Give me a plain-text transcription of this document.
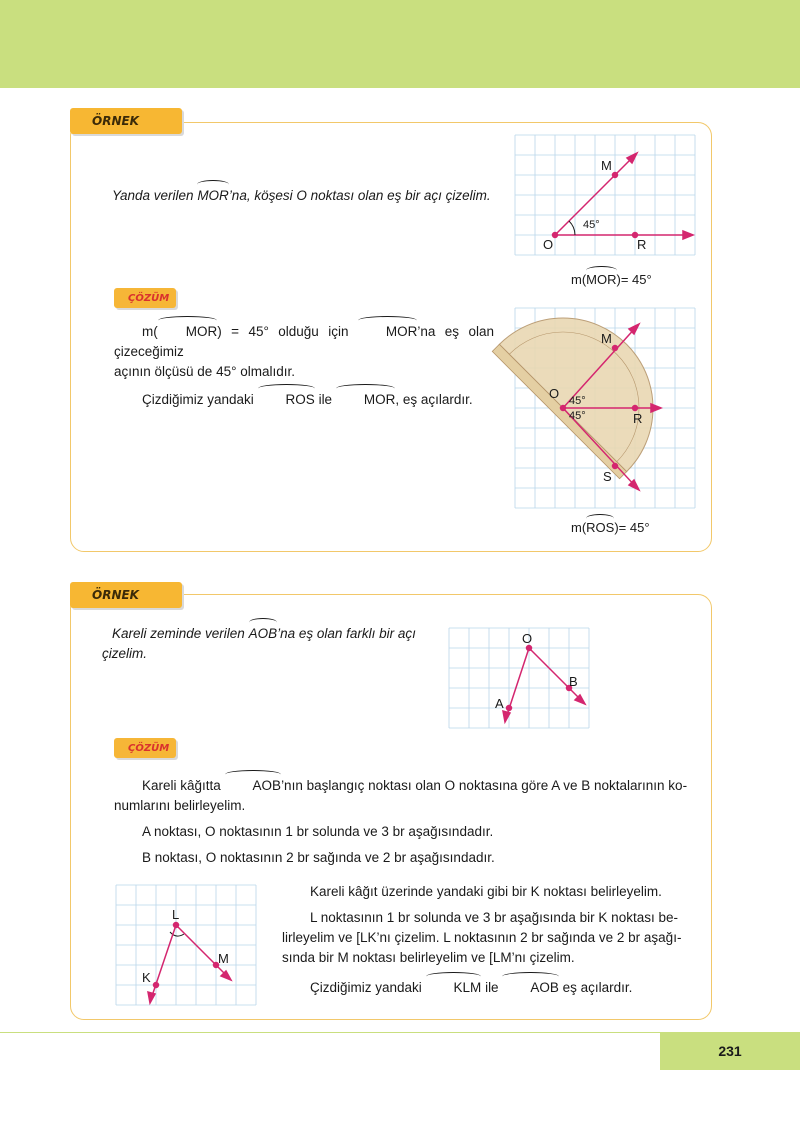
ÖRNEK
Yanda verilen MOR’na, köşesi O noktası olan eş bir açı çizelim.
M
O	R
45°
m(MOR)= 45°
ÇÖZÜM
m( MOR) = 45° olduğu için MOR’na eş olan çizeceğimiz
açının ölçüsü de 45° olmalıdır.
Çizdiğimiz yandaki ROS ile MOR, eş açılardır.
M
O
R
S
45°
45°
m(ROS)= 45°
ÖRNEK
Kareli zeminde verilen AOB’na eş olan farklı bir açı
çizelim.
O
A
B
ÇÖZÜM
Kareli kâğıtta AOB’nın başlangıç noktası olan O noktasına göre A ve B noktalarının ko-
numlarını belirleyelim.
A noktası, O noktasının 1 br solunda ve 3 br aşağısındadır.
B noktası, O noktasının 2 br sağında ve 2 br aşağısındadır.
L
K
M
Kareli kâğıt üzerinde yandaki gibi bir K noktası belirleyelim.
L noktasının 1 br solunda ve 3 br aşağısında bir K noktası be-
lirleyelim ve [LK’nı çizelim. L noktasının 2 br sağında ve 2 br aşağı-
sında bir M noktası belirleyelim ve [LM’nı çizelim.
Çizdiğimiz yandaki KLM ile AOB eş açılardır.
231
